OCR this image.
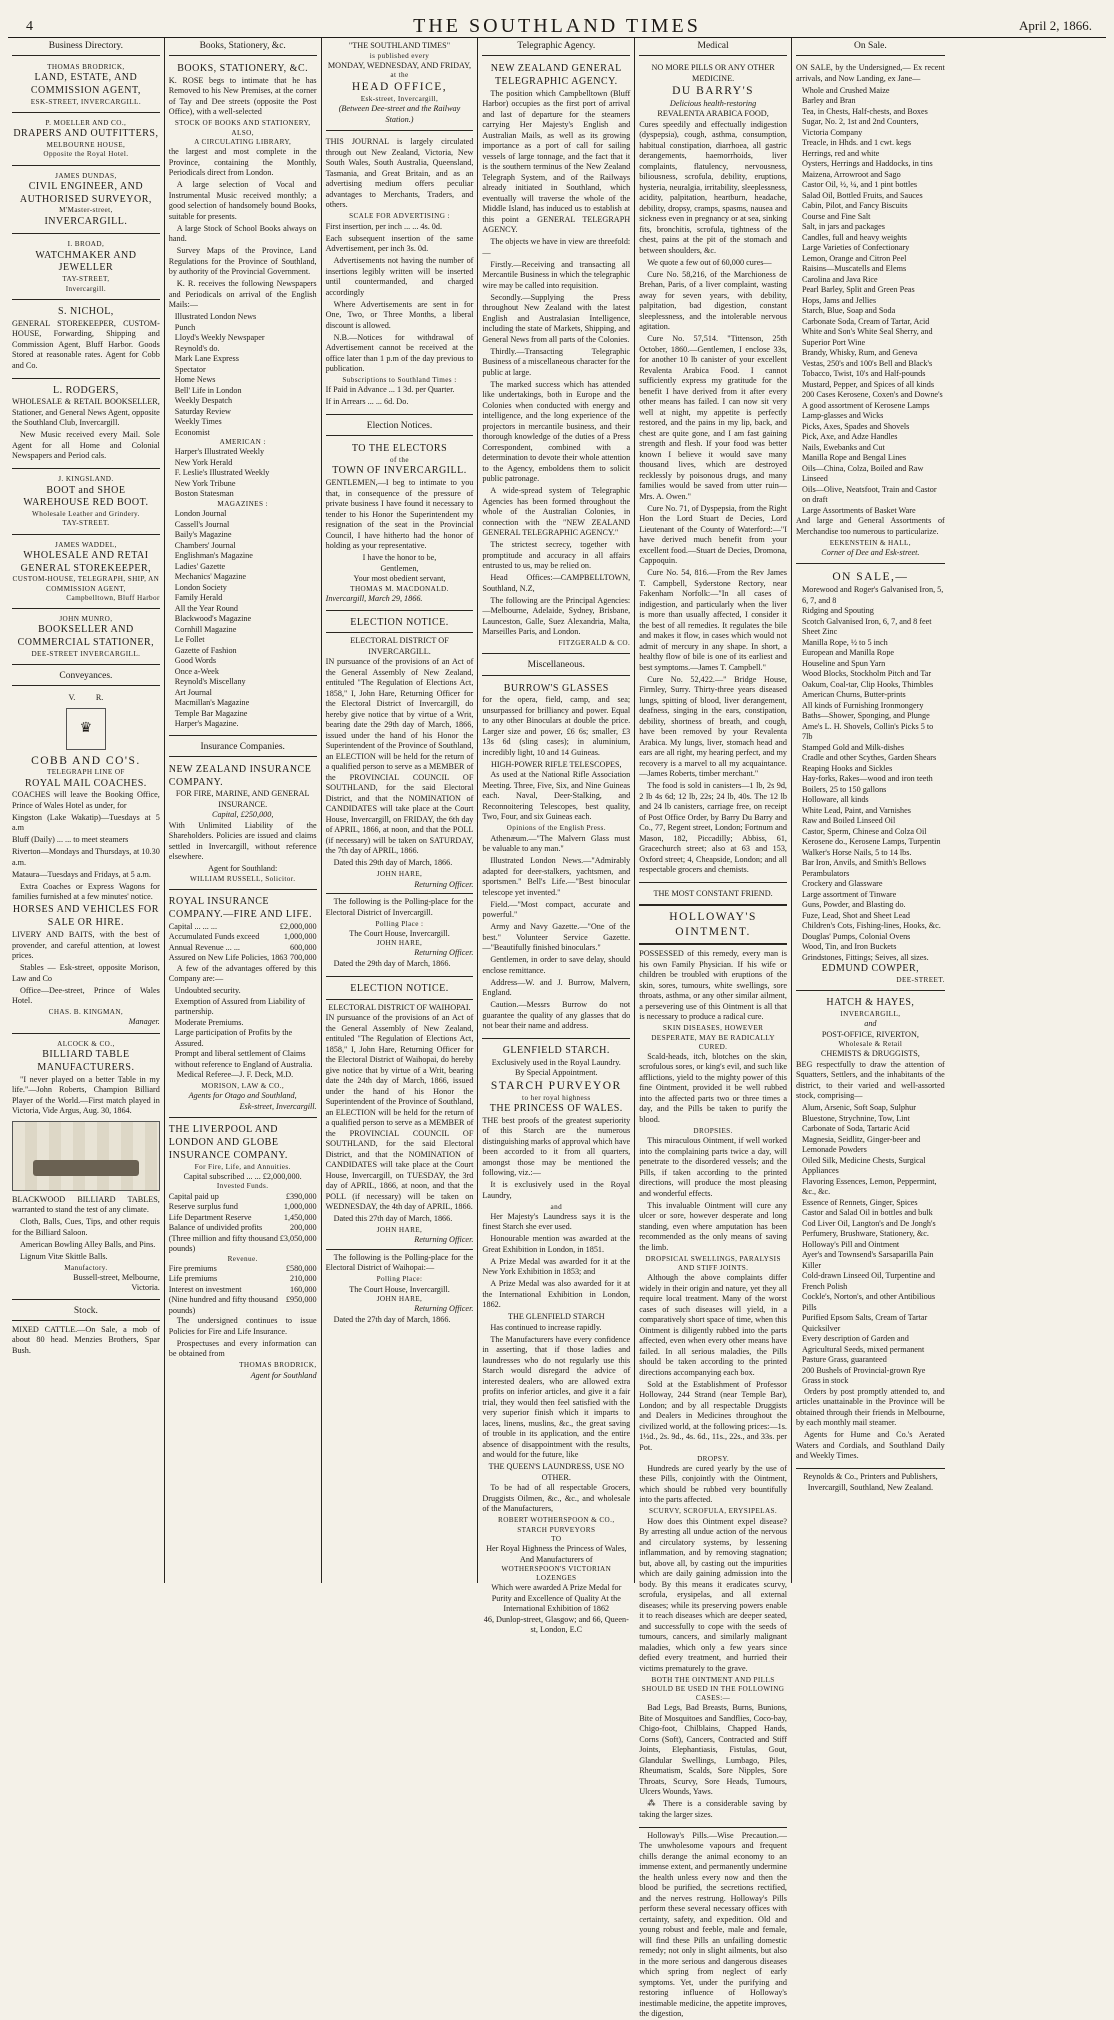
4	THE SOUTHLAND TIMES	April 2, 1866.
Business Directory.
THOMAS BRODRICK,
LAND, ESTATE, AND COMMISSION AGENT,
ESK-STREET, INVERCARGILL.
P. MOELLER AND CO.,
DRAPERS AND OUTFITTERS,
MELBOURNE HOUSE,
Opposite the Royal Hotel.
JAMES DUNDAS,
CIVIL ENGINEER, AND AUTHORISED SURVEYOR,
M'Master-street,
INVERCARGILL.
I. BROAD,
WATCHMAKER AND JEWELLER
TAY-STREET,
Invercargill.
S. NICHOL,

GENERAL STOREKEEPER, CUSTOM-HOUSE, Forwarding, Shipping and Commission Agent, Bluff Harbor. Goods Stored at reasonable rates. Agent for Cobb and Co.

L. RODGERS,

WHOLESALE & RETAIL BOOKSELLER, Stationer, and General News Agent, opposite the Southland Club, Invercargill.

New Music received every Mail. Sole Agent for all Home and Colonial Newspapers and Period cals.

J. KINGSLAND.
BOOT and SHOE WAREHOUSE RED BOOT.
Wholesale Leather and Grindery.
TAY-STREET.
JAMES WADDEL,
WHOLESALE AND RETAI GENERAL STOREKEEPER,
CUSTOM-HOUSE, TELEGRAPH, SHIP, AN COMMISSION AGENT,
Campbelltown, Bluff Harbor
JOHN MUNRO,
BOOKSELLER AND COMMERCIAL STATIONER,
DEE-STREET INVERCARGILL.
Conveyances.
V.          R.
♛
COBB AND CO'S.
TELEGRAPH LINE OF
ROYAL MAIL COACHES.

COACHES will leave the Booking Office, Prince of Wales Hotel as under, for

Kingston (Lake Wakatip)—Tuesdays at 5 a.m

Bluff (Daily) ... ... to meet steamers

Riverton—Mondays and Thursdays, at 10.30 a.m.

Mataura—Tuesdays and Fridays, at 5 a.m.

Extra Coaches or Express Wagons for families furnished at a few minutes' notice.

HORSES AND VEHICLES FOR SALE OR HIRE.

LIVERY AND BAITS, with the best of provender, and careful attention, at lowest prices.

Stables — Esk-street, opposite Morison, Law and Co

Office—Dee-street, Prince of Wales Hotel.

CHAS. B. KINGMAN,
Manager.
ALCOCK & CO.,
BILLIARD TABLE MANUFACTURERS.

"I never played on a better Table in my life."—John Roberts, Champion Billiard Player of the World.—First match played in Victoria, Vide Argus, Aug. 30, 1864.

BLACKWOOD BILLIARD TABLES, warranted to stand the test of any climate.

Cloth, Balls, Cues, Tips, and other requis for the Billiard Saloon.

American Bowling Alley Balls, and Pins.

Lignum Vitæ Skittle Balls.

Manufactory.
Bussell-street, Melbourne,
Victoria.
Stock.

MIXED CATTLE.—On Sale, a mob of about 80 head. Menzies Brothers, Spar Bush.

Books, Stationery, &c.
BOOKS, STATIONERY, &C.

K. ROSE begs to intimate that he has Removed to his New Premises, at the corner of Tay and Dee streets (opposite the Post Office), with a well-selected

STOCK OF BOOKS AND STATIONERY,
ALSO,
A CIRCULATING LIBRARY,

the largest and most complete in the Province, containing the Monthly, Periodicals direct from London.

A large selection of Vocal and Instrumental Music received monthly; a good selection of handsomely bound Books, suitable for presents.

A large Stock of School Books always on hand.

Survey Maps of the Province, Land Regulations for the Province of Southland, by authority of the Provincial Government.

K. R. receives the following Newspapers and Periodicals on arrival of the English Mails:—

Illustrated London News
Punch
Lloyd's Weekly Newspaper
Reynold's do.
Mark Lane Express
Spectator
Home News
Bell' Life in London
Weekly Despatch
Saturday Review
Weekly Times
Economist
AMERICAN :
Harper's Illustrated Weekly
New York Herald
F. Leslie's Illustrated Weekly
New York Tribune
Boston Statesman
MAGAZINES :
London Journal
Cassell's Journal
Baily's Magazine
Chambers' Journal
Englishman's Magazine
Ladies' Gazette
Mechanics' Magazine
London Society
Family Herald
All the Year Round
Blackwood's Magazine
Cornhill Magazine
Le Follet
Gazette of Fashion
Good Words
Once a-Week
Reynold's Miscellany
Art Journal
Macmillan's Magazine
Temple Bar Magazine
Harper's Magazine.
Insurance Companies.
NEW ZEALAND INSURANCE COMPANY.
FOR FIRE, MARINE, AND GENERAL INSURANCE.
Capital, £250,000,

With Unlimited Liability of the Shareholders. Policies are issued and claims settled in Invercargill, without reference elsewhere.

Agent for Southland:
WILLIAM RUSSELL, Solicitor.
ROYAL INSURANCE COMPANY.—FIRE AND LIFE.
Capital ... ... ...	£2,000,000
Accumulated Funds exceed	1,000,000
Annual Revenue ... ...	600,000
Assured on New Life Policies, 1863 700,000

A few of the advantages offered by this Company are:—

Undoubted security.
Exemption of Assured from Liability of partnership.
Moderate Premiums.
Large participation of Profits by the Assured.
Prompt and liberal settlement of Claims without reference to England of Australia.

Medical Referee—J. F. Deck, M.D.

MORISON, LAW & CO.,
Agents for Otago and Southland,
Esk-street, Invercargill.
THE LIVERPOOL AND LONDON AND GLOBE INSURANCE COMPANY.
For Fire, Life, and Annuities.
Capital subscribed ... ... £2,000,000.
Invested Funds.
Capital paid up	£390,000
Reserve surplus fund	1,000,000
Life Department Reserve	1,450,000
Balance of undivided profits	200,000
(Three million and fifty thousand pounds)
£3,050,000
Revenue.
Fire premiums	£580,000
Life premiums	210,000
Interest on investment	160,000
(Nine hundred and fifty thousand pounds)
£950,000

The undersigned continues to issue Policies for Fire and Life Insurance.

Prospectuses and every information can be obtained from

THOMAS BRODRICK,
Agent for Southland
"THE SOUTHLAND TIMES"
is published every
MONDAY, WEDNESDAY, AND FRIDAY,
at the
HEAD OFFICE,
Esk-street, Invercargill,
(Between Dee-street and the Railway Station.)

THIS JOURNAL is largely circulated through out New Zealand, Victoria, New South Wales, South Australia, Queensland, Tasmania, and Great Britain, and as an advertising medium offers peculiar advantages to Merchants, Traders, and others.

SCALE FOR ADVERTISING :

First insertion, per inch ... ... 4s. 0d.

Each subsequent insertion of the same Advertisement, per inch 3s. 0d.

Advertisements not having the number of insertions legibly written will be inserted until countermanded, and charged accordingly

Where Advertisements are sent in for One, Two, or Three Months, a liberal discount is allowed.

N.B.—Notices for withdrawal of Advertisement cannot be received at the office later than 1 p.m of the day previous to publication.

Subscriptions to Southland Times :

If Paid in Advance ... 1 3d. per Quarter.

If in Arrears ... ... 6d. Do.

Election Notices.
TO THE ELECTORS
of the
TOWN OF INVERCARGILL.

GENTLEMEN,—I beg to intimate to you that, in consequence of the pressure of private business I have found it necessary to tender to his Honor the Superintendent my resignation of the seat in the Provincial Council, I have hitherto had the honor of holding as your representative.

I have the honor to be,
Gentlemen,
Your most obedient servant,
THOMAS M. MACDONALD.
Invercargill, March 29, 1866.
ELECTION NOTICE.
ELECTORAL DISTRICT OF INVERCARGILL.

IN pursuance of the provisions of an Act of the General Assembly of New Zealand, entituled "The Regulation of Elections Act, 1858," I, John Hare, Returning Officer for the Electoral District of Invercargill, do hereby give notice that by virtue of a Writ, bearing date the 29th day of March, 1866, issued under the hand of his Honor the Superintendent of the Province of Southland, an ELECTION will be held for the return of a qualified person to serve as a MEMBER of the PROVINCIAL COUNCIL OF SOUTHLAND, for the said Electoral District, and that the NOMINATION of CANDIDATES will take place at the Court House, Invercargill, on FRIDAY, the 6th day of APRIL, 1866, at noon, and that the POLL (if necessary) will be taken on SATURDAY, the 7th day of APRIL, 1866.

Dated this 29th day of March, 1866.

JOHN HARE,
Returning Officer.

The following is the Polling-place for the Electoral District of Invercargill.

Polling Place :
The Court House, Invercargill.
JOHN HARE,
Returning Officer.

Dated the 29th day of March, 1866.

ELECTION NOTICE.
ELECTORAL DISTRICT OF WAIHOPAI.

IN pursuance of the provisions of an Act of the General Assembly of New Zealand, entituled "The Regulation of Elections Act, 1858," I, John Hare, Returning Officer for the Electoral District of Waihopai, do hereby give notice that by virtue of a Writ, bearing date the 24th day of March, 1866, issued under the hand of his Honor the Superintendent of the Province of Southland, an ELECTION will be held for the return of a qualified person to serve as a MEMBER of the PROVINCIAL COUNCIL OF SOUTHLAND, for the said Electoral District, and that the NOMINATION of CANDIDATES will take place at the Court House, Invercargill, on TUESDAY, the 3rd day of APRIL, 1866, at noon, and that the POLL (if necessary) will be taken on WEDNESDAY, the 4th day of APRIL, 1866.

Dated this 27th day of March, 1866.

JOHN HARE,
Returning Officer.

The following is the Polling-place for the Electoral District of Waihopai:—

Polling Place:
The Court House, Invercargill.
JOHN HARE,
Returning Officer.

Dated the 27th day of March, 1866.

Telegraphic Agency.
NEW ZEALAND GENERAL TELEGRAPHIC AGENCY.

The position which Campbelltown (Bluff Harbor) occupies as the first port of arrival and last of departure for the steamers carrying Her Majesty's English and Australian Mails, as well as its growing importance as a port of call for sailing vessels of large tonnage, and the fact that it is the southern terminus of the New Zealand Telegraph System, and of the Railways already initiated in Southland, which eventually will traverse the whole of the Middle Island, has induced us to establish at this point a GENERAL TELEGRAPH AGENCY.

The objects we have in view are threefold:—

Firstly.—Receiving and transacting all Mercantile Business in which the telegraphic wire may be called into requisition.

Secondly.—Supplying the Press throughout New Zealand with the latest English and Australasian Intelligence, including the state of Markets, Shipping, and General News from all parts of the Colonies.

Thirdly.—Transacting Telegraphic Business of a miscellaneous character for the public at large.

The marked success which has attended like undertakings, both in Europe and the Colonies when conducted with energy and intelligence, and the long experience of the projectors in mercantile business, and their thorough knowledge of the duties of a Press Correspondent, combined with a determination to devote their whole attention to the Agency, emboldens them to solicit public patronage.

A wide-spread system of Telegraphic Agencies has been formed throughout the whole of the Australian Colonies, in connection with the "NEW ZEALAND GENERAL TELEGRAPHIC AGENCY."

The strictest secrecy, together with promptitude and accuracy in all affairs entrusted to us, may be relied on.

Head Offices:—CAMPBELLTOWN, Southland, N.Z,

The following are the Principal Agencies:—Melbourne, Adelaide, Sydney, Brisbane, Launceston, Galle, Suez Alexandria, Malta, Marseilles Paris, and London.

FITZGERALD & CO.
Miscellaneous.
BURROW'S GLASSES

for the opera, field, camp, and sea; unsurpassed for brilliancy and power. Equal to any other Binoculars at double the price. Larger size and power, £6 6s; smaller, £3 13s 6d (sling cases); in aluminium, incredibly light, 10 and 14 Guineas.

HIGH-POWER RIFLE TELESCOPES,

As used at the National Rifle Association Meeting. Three, Five, Six, and Nine Guineas each. Naval, Deer-Stalking, and Reconnoitering Telescopes, best quality, Two, Four, and six Guineas each.

Opinions of the English Press.

Athenæum.—"The Malvern Glass must be valuable to any man."

Illustrated London News.—"Admirably adapted for deer-stalkers, yachtsmen, and sportsmen." Bell's Life.—"Best binocular telescope yet invented."

Field.—"Most compact, accurate and powerful."

Army and Navy Gazette.—"One of the best." Volunteer Service Gazette.—"Beautifully finished binoculars."

Gentlemen, in order to save delay, should enclose remittance.

Address—W. and J. Burrow, Malvern, England.

Caution.—Messrs Burrow do not guarantee the quality of any glasses that do not bear their name and address.

GLENFIELD STARCH.
Exclusively used in the Royal Laundry.
By Special Appointment.
STARCH PURVEYOR
to her royal highness
THE PRINCESS OF WALES.

THE best proofs of the greatest superiority of this Starch are the numerous distinguishing marks of approval which have been accorded to it from all quarters, amongst those may be mentioned the following, viz.:—

It is exclusively used in the Royal Laundry,

and

Her Majesty's Laundress says it is the finest Starch she ever used.

Honourable mention was awarded at the Great Exhibition in London, in 1851.

A Prize Medal was awarded for it at the New York Exhibition in 1853; and

A Prize Medal was also awarded for it at the International Exhibition in London, 1862.

THE GLENFIELD STARCH

Has continued to increase rapidly.

The Manufacturers have every confidence in asserting, that if those ladies and laundresses who do not regularly use this Starch would disregard the advice of interested dealers, who are allowed extra profits on inferior articles, and give it a fair trial, they would then feel satisfied with the very superior finish which it imparts to laces, linens, muslins, &c., the great saving of trouble in its application, and the entire absence of disappointment with the results, and would for the future, like

THE QUEEN'S LAUNDRESS, USE NO OTHER.

To be had of all respectable Grocers, Druggists Oilmen, &c., &c., and wholesale of the Manufacturers,

ROBERT WOTHERSPOON & CO.,
STARCH PURVEYORS
TO
Her Royal Highness the Princess of Wales, And Manufacturers of
WOTHERSPOON'S VICTORIAN LOZENGES
Which were awarded A Prize Medal for Purity and Excellence of Quality At the International Exhibition of 1862
46, Dunlop-street, Glasgow; and 66, Queen-st, London, E.C
Medical
NO MORE PILLS OR ANY OTHER MEDICINE.
DU BARRY'S
Delicious health-restoring
REVALENTA ARABICA FOOD,

Cures speedily and effectually indigestion (dyspepsia), cough, asthma, consumption, habitual constipation, diarrhoea, all gastric derangements, haemorrhoids, liver complaints, flatulency, nervousness, biliousness, scrofula, debility, eruptions, hysteria, neuralgia, irritability, sleeplessness, acidity, palpitation, heartburn, headache, debility, dropsy, cramps, spasms, nausea and sickness even in pregnancy or at sea, sinking fits, bronchitis, scrofula, tightness of the chest, pains at the pit of the stomach and between shoulders, &c.

We quote a few out of 60,000 cures—

Cure No. 58,216, of the Marchioness de Brehan, Paris, of a liver complaint, wasting away for seven years, with debility, palpitation, bad digestion, constant sleeplessness, and the intolerable nervous agitation.

Cure No. 57,514. "Tittenson, 25th October, 1860.—Gentlemen, I enclose 33s, for another 10 lb canister of your excellent Revalenta Arabica Food. I cannot sufficiently express my gratitude for the benefit I have derived from it after every other means has failed. I can now sit very well at night, my appetite is perfectly restored, and the pains in my lip, back, and chest are quite gone, and I am fast gaining strength and flesh. If your food was better known I believe it would save many thousand lives, which are destroyed recklessly by poisonous drugs, and many families would be saved from utter ruin—Mrs. A. Owen."

Cure No. 71, of Dyspepsia, from the Right Hon the Lord Stuart de Decies, Lord Lieutenant of the County of Waterford:—"I have derived much benefit from your excellent food.—Stuart de Decies, Dromona, Cappoquin.

Cure No. 54, 816.—From the Rev James T. Campbell, Syderstone Rectory, near Fakenham Norfolk:—"In all cases of indigestion, and particularly when the liver is more than usually affected, I consider it the best of all remedies. It regulates the bile and makes it flow, in cases which would not admit of mercury in any shape. In short, a healthy flow of bile is one of its earliest and best symptoms.—James T. Campbell."

Cure No. 52,422.—" Bridge House, Firmley, Surry. Thirty-three years diseased lungs, spitting of blood, liver derangement, deafness, singing in the ears, constipation, debility, shortness of breath, and cough, have been removed by your Revalenta Arabica. My lungs, liver, stomach head and ears are all right, my hearing perfect, and my recovery is a marvel to all my acquaintance.—James Roberts, timber merchant."

The food is sold in canisters—1 lb, 2s 9d, 2 lb 4s 6d; 12 lb, 22s; 24 lb, 40s. The 12 lb and 24 lb canisters, carriage free, on receipt of Post Office Order, by Barry Du Barry and Co., 77, Regent street, London; Fortnum and Mason, 182, Piccadilly; Abbiss, 61, Gracechurch street; also at 63 and 153, Oxford street; 4, Cheapside, London; and all respectable grocers and chemists.

THE MOST CONSTANT FRIEND.
HOLLOWAY'S OINTMENT.

POSSESSED of this remedy, every man is his own Family Physician. If his wife or children be troubled with eruptions of the skin, sores, tumours, white swellings, sore throats, asthma, or any other similar ailment, a persevering use of this Ointment is all that is necessary to produce a radical cure.

SKIN DISEASES, HOWEVER DESPERATE, MAY BE RADICALLY CURED.

Scald-heads, itch, blotches on the skin, scrofulous sores, or king's evil, and such like afflictions, yield to the mighty power of this fine Ointment, provided it be well rubbed into the affected parts two or three times a day, and the Pills be taken to purify the blood.

DROPSIES.

This miraculous Ointment, if well worked into the complaining parts twice a day, will penetrate to the disordered vessels; and the Pills, if taken according to the printed directions, will produce the most pleasing and wonderful effects.

This invaluable Ointment will cure any ulcer or sore, however desperate and long standing, even where amputation has been recommended as the only means of saving the limb.

DROPSICAL SWELLINGS, PARALYSIS AND STIFF JOINTS.

Although the above complaints differ widely in their origin and nature, yet they all require local treatment. Many of the worst cases of such diseases will yield, in a comparatively short space of time, when this Ointment is diligently rubbed into the parts affected, even when every other means have failed. In all serious maladies, the Pills should be taken according to the printed directions accompanying each box.

Sold at the Establishment of Professor Holloway, 244 Strand (near Temple Bar), London; and by all respectable Druggists and Dealers in Medicines throughout the civilized world, at the following prices:—1s. 1½d., 2s. 9d., 4s. 6d., 11s., 22s., and 33s. per Pot.

DROPSY.

Hundreds are cured yearly by the use of these Pills, conjointly with the Ointment, which should be rubbed very bountifully into the parts affected.

SCURVY, SCROFULA, ERYSIPELAS.

How does this Ointment expel disease? By arresting all undue action of the nervous and circulatory systems, by lessening inflammation, and by removing stagnation; but, above all, by casting out the impurities which are daily gaining admission into the body. By this means it eradicates scurvy, scrofula, erysipelas, and all external diseases; while its preserving powers enable it to reach diseases which are deeper seated, and successfully to cope with the seeds of tumours, cancers, and similarly malignant maladies, which only a few years since defied every treatment, and hurried their victims prematurely to the grave.

BOTH THE OINTMENT AND PILLS SHOULD BE USED IN THE FOLLOWING CASES:—

Bad Legs, Bad Breasts, Burns, Bunions, Bite of Mosquitoes and Sandflies, Coco-bay, Chigo-foot, Chilblains, Chapped Hands, Corns (Soft), Cancers, Contracted and Stiff Joints, Elephantiasis, Fistulas, Gout, Glandular Swellings, Lumbago, Piles, Rheumatism, Scalds, Sore Nipples, Sore Throats, Scurvy, Sore Heads, Tumours, Ulcers Wounds, Yaws.

⁂ There is a considerable saving by taking the larger sizes.

Holloway's Pills.—Wise Precaution.—The unwholesome vapours and frequent chills derange the animal economy to an immense extent, and permanently undermine the health unless every now and then the blood be purified, the secretions rectified, and the nerves restrung. Holloway's Pills perform these several necessary offices with certainty, safety, and expedition. Old and young robust and feeble, male and female, will find these Pills an unfailing domestic remedy; not only in slight ailments, but also in the more serious and dangerous diseases which spring from neglect of early symptoms. Yet, under the purifying and restoring influence of Holloway's inestimable medicine, the appetite improves, the digestion,

On Sale.

ON SALE, by the Undersigned,— Ex recent arrivals, and Now Landing, ex Jane—

Whole and Crushed Maize
Barley and Bran
Tea, in Chests, Half-chests, and Boxes
Sugar, No. 2, 1st and 2nd Counters, Victoria Company
Treacle, in Hhds. and 1 cwt. kegs
Herrings, red and white
Oysters, Herrings and Haddocks, in tins
Maizena, Arrowroot and Sago
Castor Oil, ½, ¼, and 1 pint bottles
Salad Oil, Bottled Fruits, and Sauces
Cabin, Pilot, and Fancy Biscuits
Course and Fine Salt
Salt, in jars and packages
Candles, full and heavy weights
Large Varieties of Confectionary
Lemon, Orange and Citron Peel
Raisins—Muscatells and Elems
Carolina and Java Rice
Pearl Barley, Split and Green Peas
Hops, Jams and Jellies
Starch, Blue, Soap and Soda
Carbonate Soda, Cream of Tartar, Acid
White and Son's White Seal Sherry, and Superior Port Wine
Brandy, Whisky, Rum, and Geneva
Vestas, 250's and 100's Bell and Black's Tobacco, Twist, 10's and Half-pounds
Mustard, Pepper, and Spices of all kinds
200 Cases Kerosene, Coxen's and Downe's
A good assortment of Kerosene Lamps
Lamp-glasses and Wicks
Picks, Axes, Spades and Shovels
Pick, Axe, and Adze Handles
Nails, Ewebanks and Cut
Manilla Rope and Bengal Lines
Oils—China, Colza, Boiled and Raw Linseed
Oils—Olive, Neatsfoot, Train and Castor on draft
Large Assortments of Basket Ware

And large and General Assortments of Merchandise too numerous to particularize.

EEKENSTEIN & HALL,
Corner of Dee and Esk-street.
ON SALE,—
Morewood and Roger's Galvanised Iron, 5, 6, 7, and 8
Ridging and Spouting
Scotch Galvanised Iron, 6, 7, and 8 feet
Sheet Zinc
Manilla Rope, ½ to 5 inch
European and Manilla Rope
Houseline and Spun Yarn
Wood Blocks, Stockholm Pitch and Tar
Oakum, Coal-tar, Clip Hooks, Thimbles
American Churns, Butter-prints
All kinds of Furnishing Ironmongery
Baths—Shower, Sponging, and Plunge
Ame's L. H. Shovels, Collin's Picks 5 to 7lb
Stamped Gold and Milk-dishes
Cradle and other Scythes, Garden Shears
Reaping Hooks and Sickles
Hay-forks, Rakes—wood and iron teeth
Boilers, 25 to 150 gallons
Holloware, all kinds
White Lead, Paint, and Varnishes
Raw and Boiled Linseed Oil
Castor, Sperm, Chinese and Colza Oil
Kerosene do., Kerosene Lamps, Turpentin
Walker's Horse Nails, 5 to 14 lbs.
Bar Iron, Anvils, and Smith's Bellows
Perambulators
Crockery and Glassware
Large assortment of Tinware
Guns, Powder, and Blasting do.
Fuze, Lead, Shot and Sheet Lead
Children's Cots, Fishing-lines, Hooks, &c.
Douglas' Pumps, Colonial Ovens
Wood, Tin, and Iron Buckets
Grindstones, Fittings; Seives, all sizes.
EDMUND COWPER,
DEE-STREET.
HATCH & HAYES,
INVERCARGILL,
and
POST-OFFICE, RIVERTON,
Wholesale & Retail
CHEMISTS & DRUGGISTS,

BEG respectfully to draw the attention of Squatters, Settlers, and the inhabitants of the district, to their varied and well-assorted stock, comprising—

Alum, Arsenic, Soft Soap, Sulphur
Bluestone, Strychnine, Tow, Lint
Carbonate of Soda, Tartaric Acid
Magnesia, Seidlitz, Ginger-beer and Lemonade Powders
Oiled Silk, Medicine Chests, Surgical Appliances
Flavoring Essences, Lemon, Peppermint, &c., &c.
Essence of Rennets, Ginger, Spices
Castor and Salad Oil in bottles and bulk
Cod Liver Oil, Langton's and De Jongh's
Perfumery, Brushware, Stationery, &c.
Holloway's Pill and Ointment
Ayer's and Townsend's Sarsaparilla Pain Killer
Cold-drawn Linseed Oil, Turpentine and French Polish
Cockle's, Norton's, and other Antibilious Pills
Purified Epsom Salts, Cream of Tartar Quicksilver
Every description of Garden and Agricultural Seeds, mixed permanent Pasture Grass, guaranteed
200 Bushels of Provincial-grown Rye Grass in stock

Orders by post promptly attended to, and articles unattainable in the Province will be obtained through their friends in Melbourne, by each monthly mail steamer.

Agents for Hume and Co.'s Aerated Waters and Cordials, and Southland Daily and Weekly Times.

Reynolds & Co., Printers and Publishers, Invercargill, Southland, New Zealand.
